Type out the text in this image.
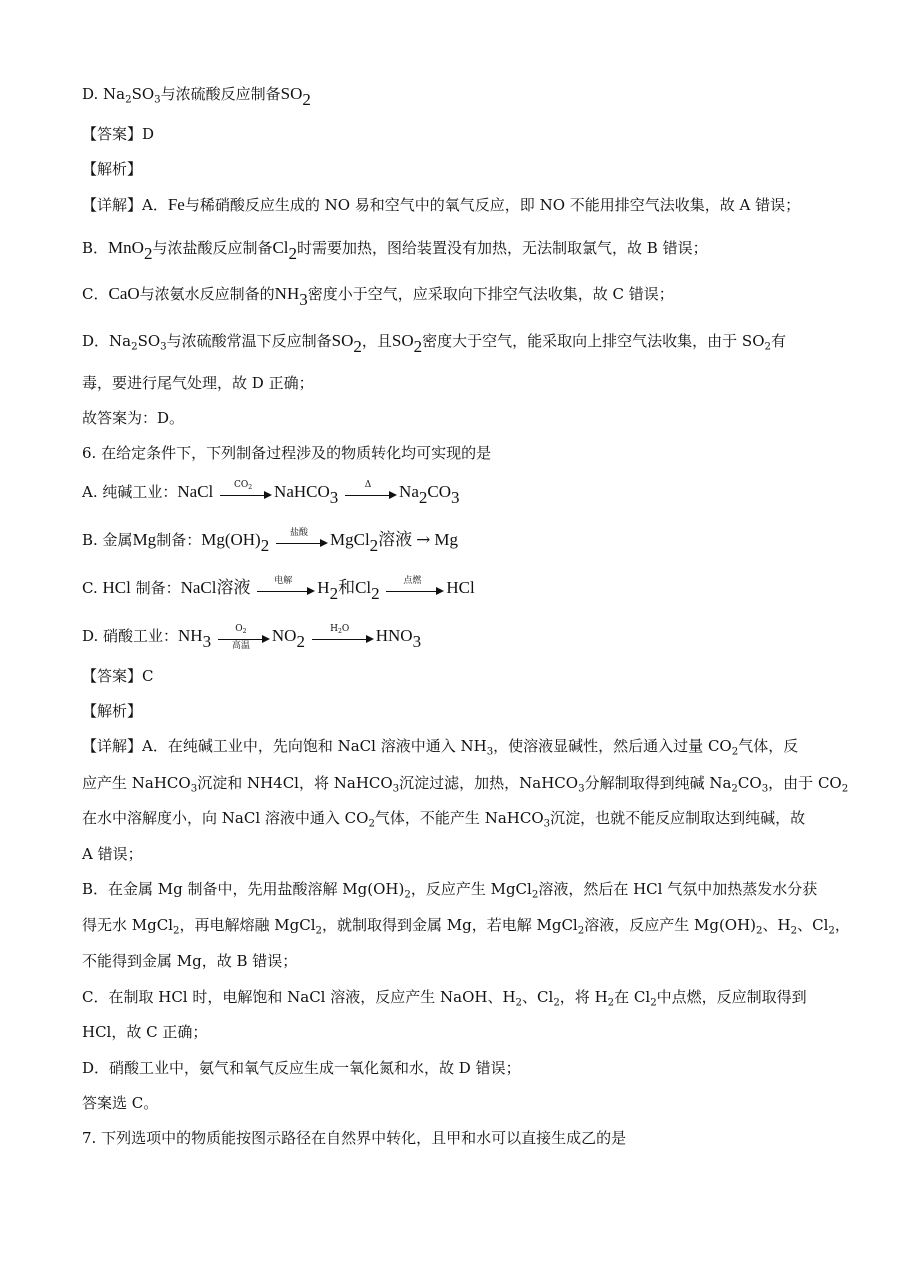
D. $Na_2SO_3$与浓硫酸反应制备$SO_2$
【答案】D
【解析】
【详解】A．Fe与稀硝酸反应生成的 NO 易和空气中的氧气反应，即 NO 不能用排空气法收集，故 A 错误；
B．MnO$_2$与浓盐酸反应制备$Cl_2$时需要加热，图给装置没有加热，无法制取氯气，故 B 错误；
C．CaO与浓氨水反应制备的$NH_3$密度小于空气，应采取向下排空气法收集，故 C 错误；
D．$Na_2SO_3$与浓硫酸常温下反应制备$SO_2$，且$SO_2$密度大于空气，能采取向上排空气法收集，由于 $SO_2$有
毒，要进行尾气处理，故 D 正确；
故答案为：D。
6. 在给定条件下，下列制备过程涉及的物质转化均可实现的是
A. 纯碱工业：NaCl	$CO_2$	NaHCO$_3$
Δ	$Na_2CO_3$
B. 金属Mg制备：$Mg(OH)_2$
盐酸	MgCl$_2$溶液 → Mg
C. HCl 制备：NaCl溶液	电解	$H_2$和$Cl_2$
点燃	HCl
D. 硝酸工业：$NH_3$
$O_2$
高温
$NO_2$
$H_2O$	$HNO_3$
【答案】C
【解析】
【详解】A．在纯碱工业中，先向饱和 NaCl 溶液中通入 $NH_3$，使溶液显碱性，然后通入过量 $CO_2$气体，反
应产生 NaHCO$_3$沉淀和 NH4Cl，将 NaHCO$_3$沉淀过滤，加热，NaHCO$_3$分解制取得到纯碱 $Na_2CO_3$，由于 $CO_2$
在水中溶解度小，向 NaCl 溶液中通入 $CO_2$气体，不能产生 NaHCO$_3$沉淀，也就不能反应制取达到纯碱，故
A 错误；
B．在金属 Mg 制备中，先用盐酸溶解 $Mg(OH)_2$，反应产生 MgCl$_2$溶液，然后在 HCl 气氛中加热蒸发水分获
得无水 MgCl$_2$，再电解熔融 MgCl$_2$，就制取得到金属 Mg，若电解 MgCl$_2$溶液，反应产生 $Mg(OH)_2$、$H_2$、$Cl_2$，
不能得到金属 Mg，故 B 错误；
C．在制取 HCl 时，电解饱和 NaCl 溶液，反应产生 NaOH、$H_2$、$Cl_2$，将 $H_2$在 $Cl_2$中点燃，反应制取得到
HCl，故 C 正确；
D．硝酸工业中，氨气和氧气反应生成一氧化氮和水，故 D 错误；
答案选 C。
7. 下列选项中的物质能按图示路径在自然界中转化，且甲和水可以直接生成乙的是
